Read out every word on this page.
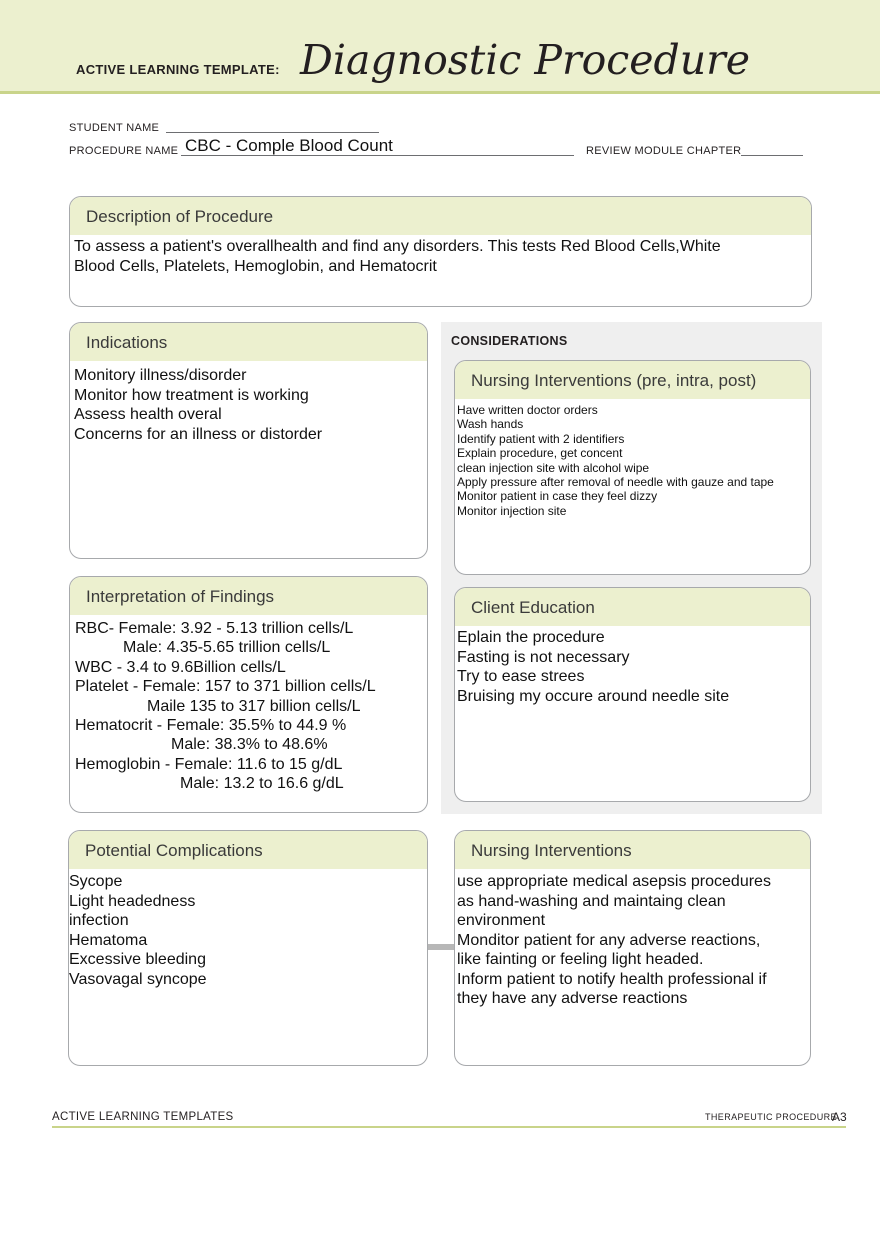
ACTIVE LEARNING TEMPLATE: Diagnostic Procedure
STUDENT NAME
PROCEDURE NAME CBC - Comple Blood Count	REVIEW MODULE CHAPTER
Description of Procedure
To assess a patient's overallhealth and find any disorders. This tests Red Blood Cells,White
Blood Cells, Platelets, Hemoglobin, and Hematocrit
Indications
Monitory illness/disorder
Monitor how treatment is working
Assess health overal
Concerns for an illness or distorder
CONSIDERATIONS
Nursing Interventions (pre, intra, post)
Have written doctor orders
Wash hands
Identify patient with 2 identifiers
Explain procedure, get concent
clean injection site with alcohol wipe
Apply pressure after removal of needle with gauze and tape
Monitor patient in case they feel dizzy
Monitor injection site
Client Education
Eplain the procedure
Fasting is not necessary
Try to ease strees
Bruising my occure around needle site
Interpretation of Findings
RBC- Female: 3.92 - 5.13 trillion cells/L
Male: 4.35-5.65 trillion cells/L
WBC - 3.4 to 9.6Billion cells/L
Platelet - Female: 157 to 371 billion cells/L
Maile 135 to 317 billion cells/L
Hematocrit - Female: 35.5% to 44.9 %
Male: 38.3% to 48.6%
Hemoglobin - Female: 11.6 to 15 g/dL
Male: 13.2 to 16.6 g/dL
Potential Complications
Sycope
Light headedness
infection
Hematoma
Excessive bleeding
Vasovagal syncope
Nursing Interventions
use appropriate medical asepsis procedures
as hand-washing and maintaing clean
environment
Monditor patient for any adverse reactions,
like fainting or feeling light headed.
Inform patient to notify health professional if
they have any adverse reactions
ACTIVE LEARNING TEMPLATES	THERAPEUTIC PROCEDURE
A3
